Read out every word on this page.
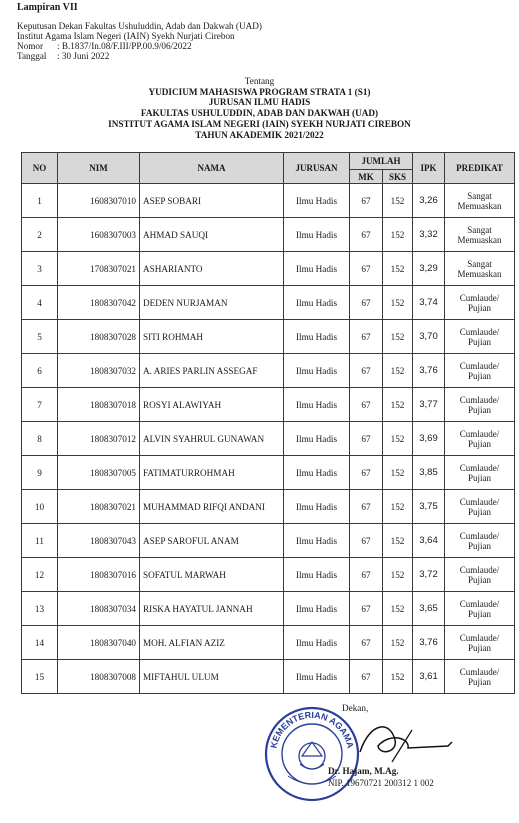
Lampiran VII
Keputusan Dekan Fakultas Ushuluddin, Adab dan Dakwah (UAD)
Institut Agama Islam Negeri (IAIN) Syekh Nurjati Cirebon
Nomor : B.1837/In.08/F.III/PP.00.9/06/2022
Tanggal : 30 Juni 2022
Tentang
YUDICIUM MAHASISWA PROGRAM STRATA 1 (S1)
JURUSAN ILMU HADIS
FAKULTAS USHULUDDIN, ADAB DAN DAKWAH (UAD)
INSTITUT AGAMA ISLAM NEGERI (IAIN) SYEKH NURJATI CIREBON
TAHUN AKADEMIK 2021/2022
NO	NIM	NAMA	JURUSAN	JUMLAH		IPK	PREDIKAT
				MK	SKS		
1	1608307010	ASEP SOBARI	Ilmu Hadis	67	152	3,26	Sangat
Memuaskan

2	1608307003	AHMAD SAUQI	Ilmu Hadis	67	152	3,32	Sangat
Memuaskan

3	1708307021	ASHARIANTO	Ilmu Hadis	67	152	3,29	Sangat
Memuaskan

4	1808307042	DEDEN NURJAMAN	Ilmu Hadis	67	152	3,74	Cumlaude/
Pujian

5	1808307028	SITI ROHMAH	Ilmu Hadis	67	152	3,70	Cumlaude/
Pujian

6	1808307032	A. ARIES PARLIN ASSEGAF	Ilmu Hadis	67	152	3,76	Cumlaude/
Pujian

7	1808307018	ROSYI ALAWIYAH	Ilmu Hadis	67	152	3,77	Cumlaude/
Pujian

8	1808307012	ALVIN SYAHRUL GUNAWAN	Ilmu Hadis	67	152	3,69	Cumlaude/
Pujian

9	1808307005	FATIMATURROHMAH	Ilmu Hadis	67	152	3,85	Cumlaude/
Pujian

10	1808307021	MUHAMMAD RIFQI ANDANI	Ilmu Hadis	67	152	3,75	Cumlaude/
Pujian

11	1808307043	ASEP SAROFUL ANAM	Ilmu Hadis	67	152	3,64	Cumlaude/
Pujian

12	1808307016	SOFATUL MARWAH	Ilmu Hadis	67	152	3,72	Cumlaude/
Pujian

13	1808307034	RISKA HAYATUL JANNAH	Ilmu Hadis	67	152	3,65	Cumlaude/
Pujian

14	1808307040	MOH. ALFIAN AZIZ	Ilmu Hadis	67	152	3,76	Cumlaude/
Pujian

15	1808307008	MIFTAHUL ULUM	Ilmu Hadis	67	152	3,61	Cumlaude/
Pujian
KEMENTERIAN AGAMA
Dekan,
Dr. Hajam, M.Ag.
NIP. 19670721 200312 1 002
